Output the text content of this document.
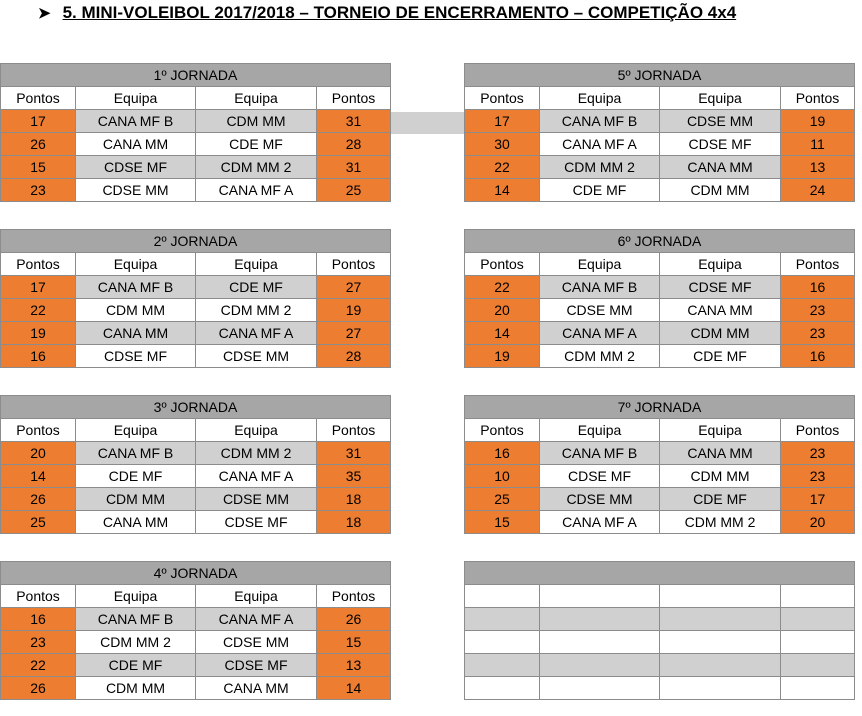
➤ 5. MINI-VOLEIBOL 2017/2018 – TORNEIO DE ENCERRAMENTO – COMPETIÇÃO 4x4
1º JORNADA			
Pontos	Equipa	Equipa	Pontos
17	CANA MF B	CDM MM	31
26	CANA MM	CDE MF	28
15	CDSE MF	CDM MM 2	31
23	CDSE MM	CANA MF A	25
5º JORNADA			
Pontos	Equipa	Equipa	Pontos
17	CANA MF B	CDSE MM	19
30	CANA MF A	CDSE MF	11
22	CDM MM 2	CANA MM	13
14	CDE MF	CDM MM	24
2º JORNADA			
Pontos	Equipa	Equipa	Pontos
17	CANA MF B	CDE MF	27
22	CDM MM	CDM MM 2	19
19	CANA MM	CANA MF A	27
16	CDSE MF	CDSE MM	28
6º JORNADA			
Pontos	Equipa	Equipa	Pontos
22	CANA MF B	CDSE MF	16
20	CDSE MM	CANA MM	23
14	CANA MF A	CDM MM	23
19	CDM MM 2	CDE MF	16
3º JORNADA			
Pontos	Equipa	Equipa	Pontos
20	CANA MF B	CDM MM 2	31
14	CDE MF	CANA MF A	35
26	CDM MM	CDSE MM	18
25	CANA MM	CDSE MF	18
7º JORNADA			
Pontos	Equipa	Equipa	Pontos
16	CANA MF B	CANA MM	23
10	CDSE MF	CDM MM	23
25	CDSE MM	CDE MF	17
15	CANA MF A	CDM MM 2	20
4º JORNADA			
Pontos	Equipa	Equipa	Pontos
16	CANA MF B	CANA MF A	26
23	CDM MM 2	CDSE MM	15
22	CDE MF	CDSE MF	13
26	CDM MM	CANA MM	14
